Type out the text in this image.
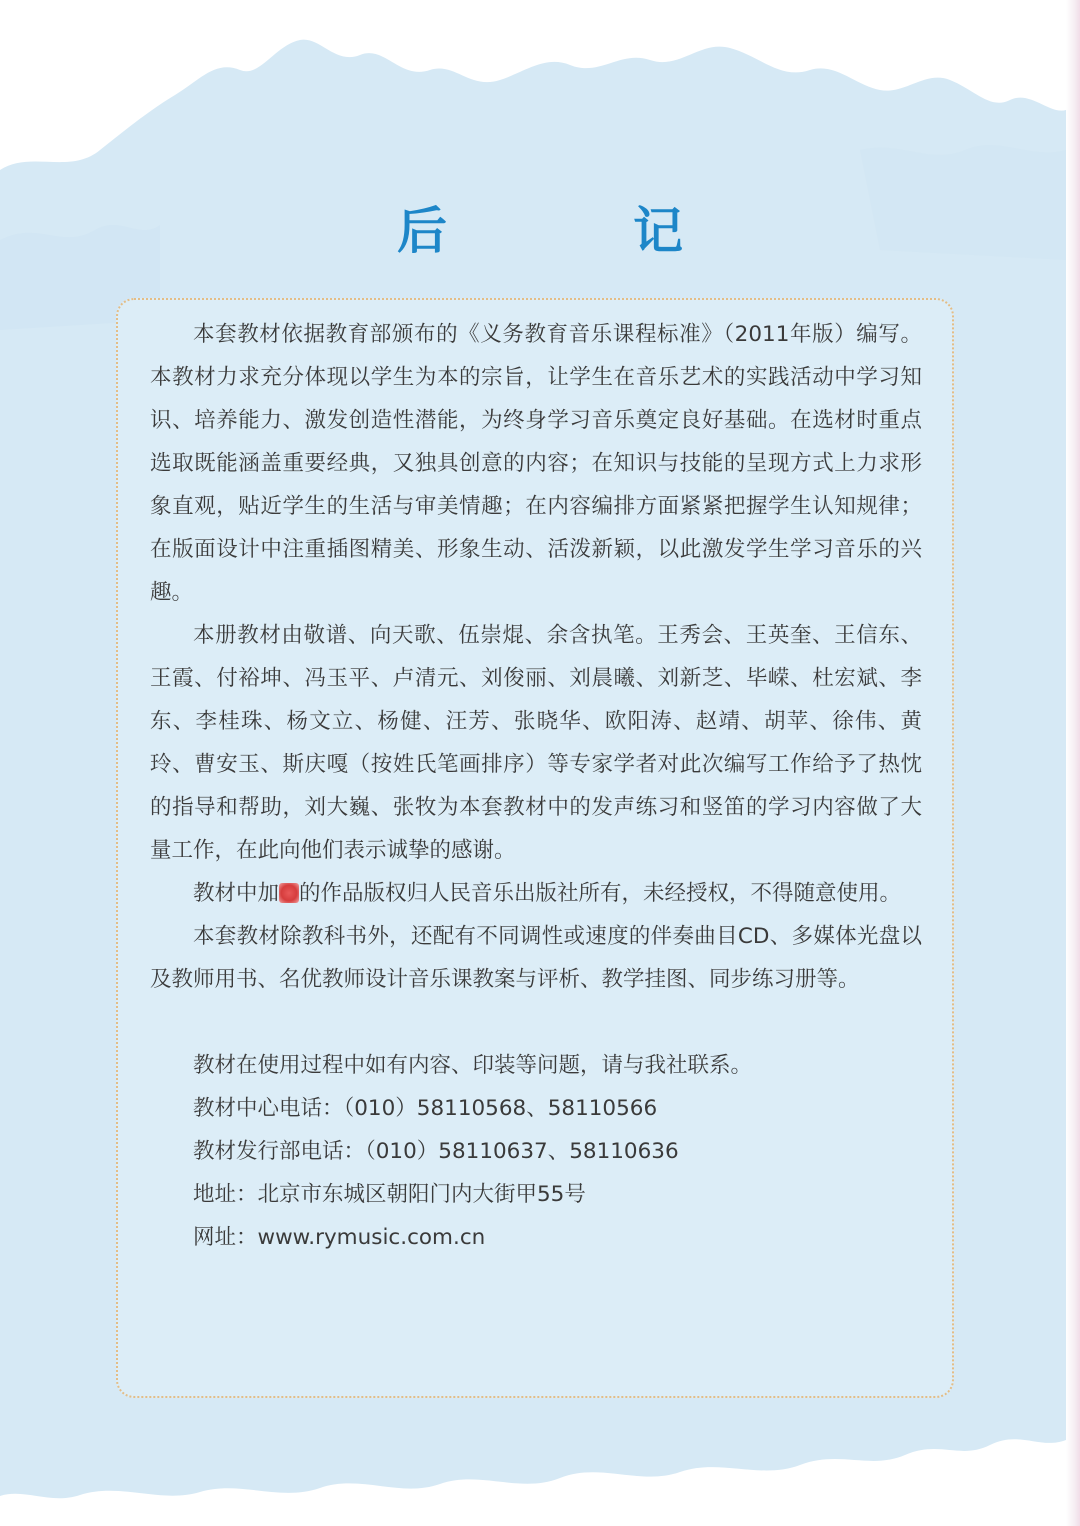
后　记

本套教材依据教育部颁布的《义务教育音乐课程标准》（2011年版）编写。本教材力求充分体现以学生为本的宗旨，让学生在音乐艺术的实践活动中学习知识、培养能力、激发创造性潜能，为终身学习音乐奠定良好基础。在选材时重点选取既能涵盖重要经典，又独具创意的内容；在知识与技能的呈现方式上力求形象直观，贴近学生的生活与审美情趣；在内容编排方面紧紧把握学生认知规律；在版面设计中注重插图精美、形象生动、活泼新颖，以此激发学生学习音乐的兴趣。

本册教材由敬谱、向天歌、伍崇焜、余含执笔。王秀会、王英奎、王信东、王霞、付裕坤、冯玉平、卢清元、刘俊丽、刘晨曦、刘新芝、毕嵘、杜宏斌、李东、李桂珠、杨文立、杨健、汪芳、张晓华、欧阳涛、赵靖、胡苹、徐伟、黄玲、曹安玉、斯庆嘎（按姓氏笔画排序）等专家学者对此次编写工作给予了热忱的指导和帮助，刘大巍、张牧为本套教材中的发声练习和竖笛的学习内容做了大量工作，在此向他们表示诚挚的感谢。

教材中加 的作品版权归人民音乐出版社所有，未经授权，不得随意使用。

本套教材除教科书外，还配有不同调性或速度的伴奏曲目CD、多媒体光盘以及教师用书、名优教师设计音乐课教案与评析、教学挂图、同步练习册等。

教材在使用过程中如有内容、印装等问题，请与我社联系。
教材中心电话：（010）58110568、58110566
教材发行部电话：（010）58110637、58110636
地址：北京市东城区朝阳门内大街甲55号
网址：www.rymusic.com.cn
